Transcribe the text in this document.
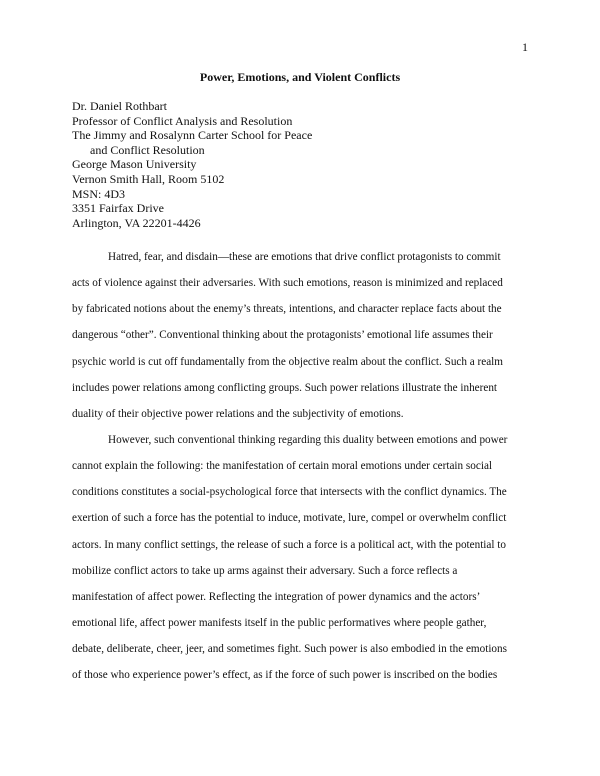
1
Power, Emotions, and Violent Conflicts
Dr. Daniel Rothbart
Professor of Conflict Analysis and Resolution
The Jimmy and Rosalynn Carter School for Peace
and Conflict Resolution
George Mason University
Vernon Smith Hall, Room 5102
MSN: 4D3
3351 Fairfax Drive
Arlington, VA 22201-4426
Hatred, fear, and disdain—these are emotions that drive conflict protagonists to commit
acts of violence against their adversaries. With such emotions, reason is minimized and replaced
by fabricated notions about the enemy’s threats, intentions, and character replace facts about the
dangerous “other”. Conventional thinking about the protagonists’ emotional life assumes their
psychic world is cut off fundamentally from the objective realm about the conflict. Such a realm
includes power relations among conflicting groups. Such power relations illustrate the inherent
duality of their objective power relations and the subjectivity of emotions.
However, such conventional thinking regarding this duality between emotions and power
cannot explain the following: the manifestation of certain moral emotions under certain social
conditions constitutes a social-psychological force that intersects with the conflict dynamics. The
exertion of such a force has the potential to induce, motivate, lure, compel or overwhelm conflict
actors. In many conflict settings, the release of such a force is a political act, with the potential to
mobilize conflict actors to take up arms against their adversary. Such a force reflects a
manifestation of affect power. Reflecting the integration of power dynamics and the actors’
emotional life, affect power manifests itself in the public performatives where people gather,
debate, deliberate, cheer, jeer, and sometimes fight. Such power is also embodied in the emotions
of those who experience power’s effect, as if the force of such power is inscribed on the bodies
